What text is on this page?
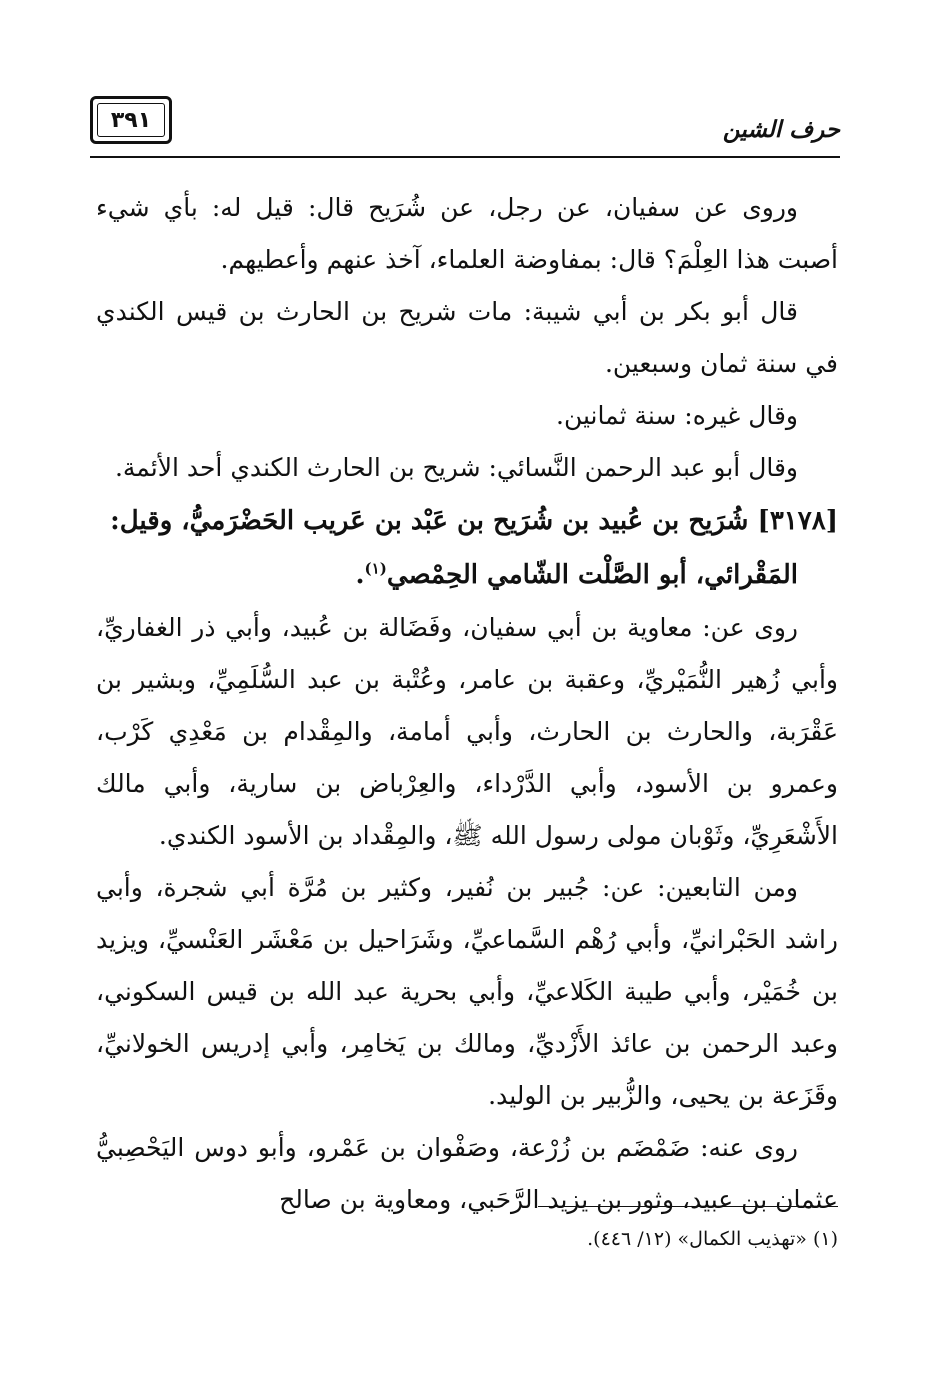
٣٩١	حرف الشين

وروى عن سفيان، عن رجل، عن شُرَيح قال: قيل له: بأي شيء أصبت هذا العِلْمَ؟ قال: بمفاوضة العلماء، آخذ عنهم وأعطيهم.

قال أبو بكر بن أبي شيبة: مات شريح بن الحارث بن قيس الكندي في سنة ثمان وسبعين.

وقال غيره: سنة ثمانين.

وقال أبو عبد الرحمن النَّسائي: شريح بن الحارث الكندي أحد الأئمة.

[٣١٧٨] شُرَيح بن عُبيد بن شُرَيح بن عَبْد بن عَريب الحَضْرَميُّ، وقيل:
المَقْرائي، أبو الصَّلْت الشّامي الحِمْصي$^{(١)}$.

روى عن: معاوية بن أبي سفيان، وفَضَالة بن عُبيد، وأبي ذر الغفاريِّ، وأبي زُهير النُّمَيْريِّ، وعقبة بن عامر، وعُتْبة بن عبد السُّلَمِيِّ، وبشير بن عَقْرَبة، والحارث بن الحارث، وأبي أمامة، والمِقْدام بن مَعْدِي كَرْب، وعمرو بن الأسود، وأبي الدَّرْداء، والعِرْباض بن سارية، وأبي مالك الأَشْعَرِيِّ، وثَوْبان مولى رسول الله ﷺ، والمِقْداد بن الأسود الكندي.

ومن التابعين: عن: جُبير بن نُفير، وكثير بن مُرَّة أبي شجرة، وأبي راشد الحَبْرانيِّ، وأبي رُهْم السَّماعيِّ، وشَرَاحيل بن مَعْشَر العَنْسيِّ، ويزيد بن خُمَيْر، وأبي طيبة الكَلاعيِّ، وأبي بحرية عبد الله بن قيس السكوني، وعبد الرحمن بن عائذ الأَزْديِّ، ومالك بن يَخامِر، وأبي إدريس الخولانيِّ، وقَزَعة بن يحيى، والزُّبير بن الوليد.

روى عنه: ضَمْضَم بن زُرْعة، وصَفْوان بن عَمْرو، وأبو دوس اليَحْصِبيُّ عثمان بن عبيد، وثور بن يزيد الرَّحَبي، ومعاوية بن صالح

(١) «تهذيب الكمال» (١٢/ ٤٤٦).
